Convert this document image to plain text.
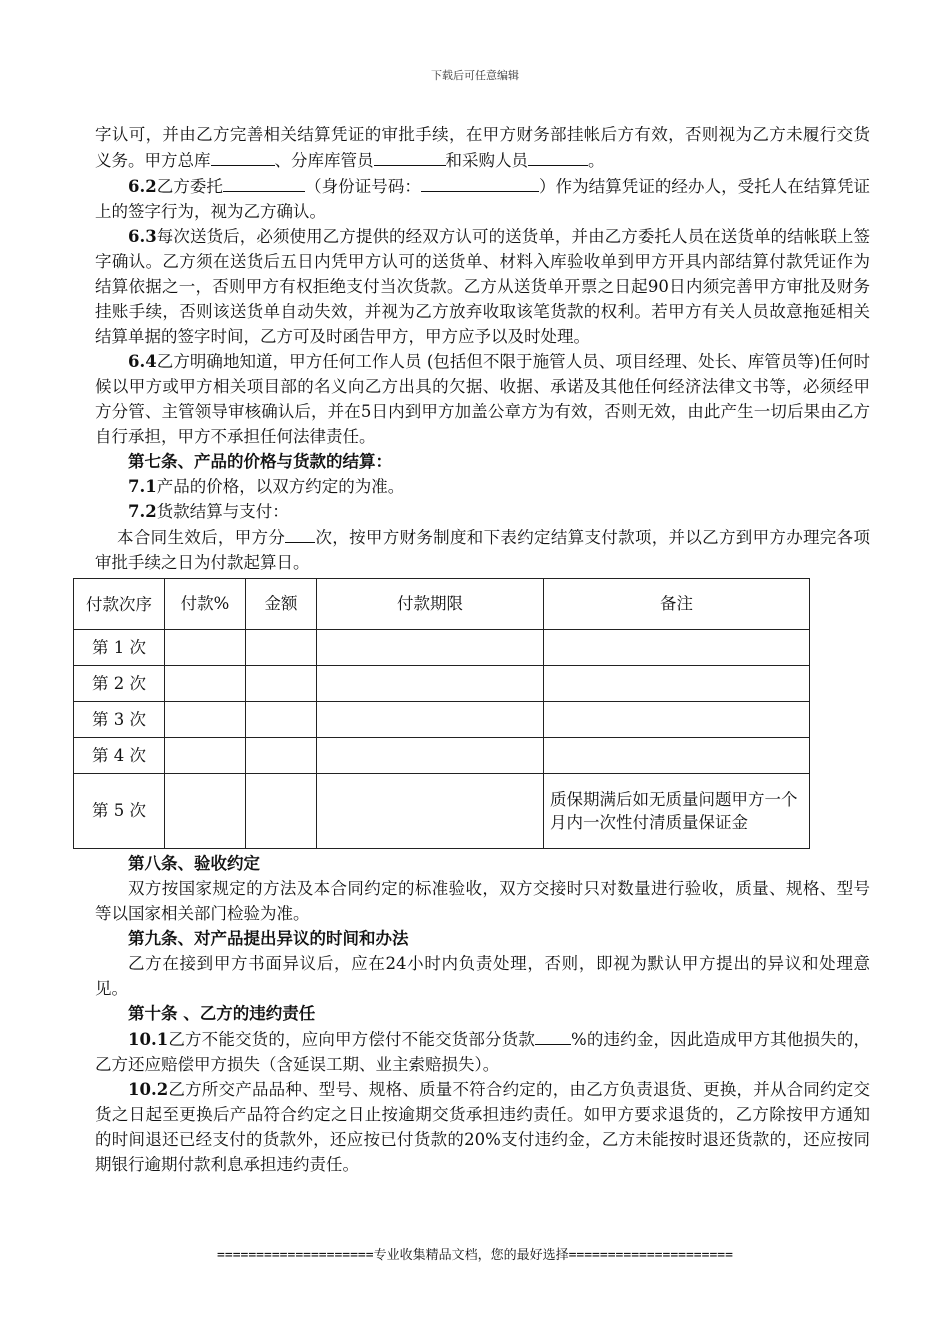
下载后可任意编辑

字认可，并由乙方完善相关结算凭证的审批手续，在甲方财务部挂帐后方有效，否则视为乙方未履行交货义务。甲方总库	、分库库管员	和采购人员	。

6.2乙方委托	（身份证号码：	）作为结算凭证的经办人，受托人在结算凭证上的签字行为，视为乙方确认。

6.3每次送货后，必须使用乙方提供的经双方认可的送货单，并由乙方委托人员在送货单的结帐联上签字确认。乙方须在送货后五日内凭甲方认可的送货单、材料入库验收单到甲方开具内部结算付款凭证作为结算依据之一，否则甲方有权拒绝支付当次货款。乙方从送货单开票之日起90日内须完善甲方审批及财务挂账手续，否则该送货单自动失效，并视为乙方放弃收取该笔货款的权利。若甲方有关人员故意拖延相关结算单据的签字时间，乙方可及时函告甲方，甲方应予以及时处理。

6.4乙方明确地知道，甲方任何工作人员 (包括但不限于施管人员、项目经理、处长、库管员等)任何时候以甲方或甲方相关项目部的名义向乙方出具的欠据、收据、承诺及其他任何经济法律文书等，必须经甲方分管、主管领导审核确认后，并在5日内到甲方加盖公章方为有效，否则无效，由此产生一切后果由乙方自行承担，甲方不承担任何法律责任。

第七条、产品的价格与货款的结算：

7.1产品的价格，以双方约定的为准。

7.2货款结算与支付：

本合同生效后，甲方分 次，按甲方财务制度和下表约定结算支付款项，并以乙方到甲方办理完各项审批手续之日为付款起算日。

付款次序	付款%	金额	付款期限	备注
第 1 次				
第 2 次				
第 3 次				
第 4 次				
第 5 次				质保期满后如无质量问题甲方一个月内一次性付清质量保证金

第八条、验收约定

双方按国家规定的方法及本合同约定的标准验收，双方交接时只对数量进行验收，质量、规格、型号等以国家相关部门检验为准。

第九条、对产品提出异议的时间和办法

乙方在接到甲方书面异议后，应在24小时内负责处理，否则，即视为默认甲方提出的异议和处理意见。

第十条 、乙方的违约责任

10.1乙方不能交货的，应向甲方偿付不能交货部分货款 %的违约金，因此造成甲方其他损失的，乙方还应赔偿甲方损失（含延误工期、业主索赔损失）。

10.2乙方所交产品品种、型号、规格、质量不符合约定的，由乙方负责退货、更换，并从合同约定交货之日起至更换后产品符合约定之日止按逾期交货承担违约责任。如甲方要求退货的，乙方除按甲方通知的时间退还已经支付的货款外，还应按已付货款的20%支付违约金，乙方未能按时退还货款的，还应按同期银行逾期付款利息承担违约责任。

====================专业收集精品文档，您的最好选择=====================
